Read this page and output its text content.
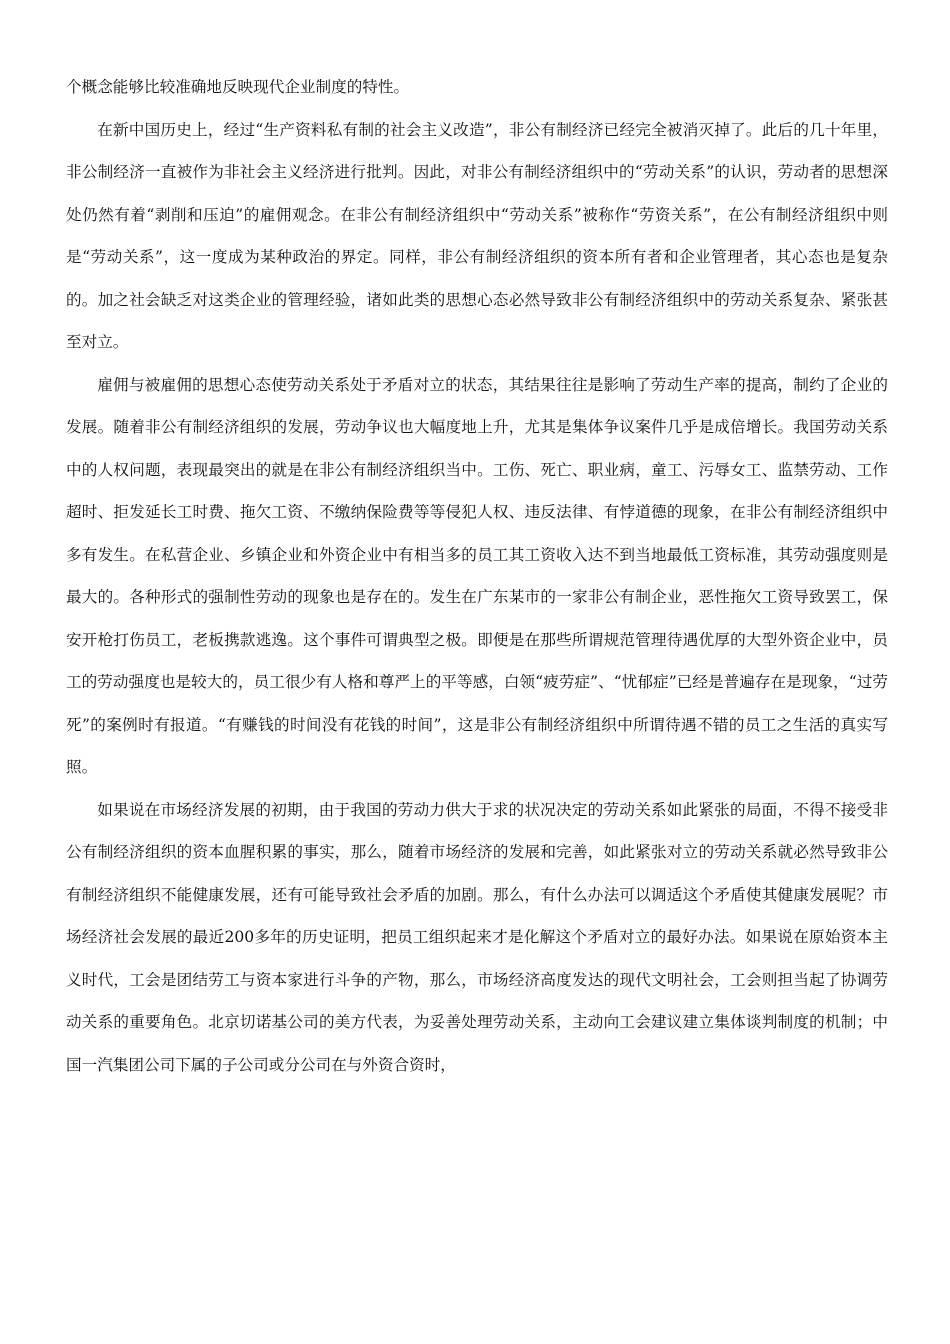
个概念能够比较准确地反映现代企业制度的特性。

在新中国历史上，经过“生产资料私有制的社会主义改造”，非公有制经济已经完全被消灭掉了。此后的几十年里，非公制经济一直被作为非社会主义经济进行批判。因此，对非公有制经济组织中的“劳动关系”的认识，劳动者的思想深处仍然有着“剥削和压迫”的雇佣观念。在非公有制经济组织中“劳动关系”被称作“劳资关系”，在公有制经济组织中则是“劳动关系”，这一度成为某种政治的界定。同样，非公有制经济组织的资本所有者和企业管理者，其心态也是复杂的。加之社会缺乏对这类企业的管理经验，诸如此类的思想心态必然导致非公有制经济组织中的劳动关系复杂、紧张甚至对立。

雇佣与被雇佣的思想心态使劳动关系处于矛盾对立的状态，其结果往往是影响了劳动生产率的提高，制约了企业的发展。随着非公有制经济组织的发展，劳动争议也大幅度地上升，尤其是集体争议案件几乎是成倍增长。我国劳动关系中的人权问题，表现最突出的就是在非公有制经济组织当中。工伤、死亡、职业病，童工、污辱女工、监禁劳动、工作超时、拒发延长工时费、拖欠工资、不缴纳保险费等等侵犯人权、违反法律、有悖道德的现象，在非公有制经济组织中多有发生。在私营企业、乡镇企业和外资企业中有相当多的员工其工资收入达不到当地最低工资标准，其劳动强度则是最大的。各种形式的强制性劳动的现象也是存在的。发生在广东某市的一家非公有制企业，恶性拖欠工资导致罢工，保安开枪打伤员工，老板携款逃逸。这个事件可谓典型之极。即便是在那些所谓规范管理待遇优厚的大型外资企业中，员工的劳动强度也是较大的，员工很少有人格和尊严上的平等感，白领“疲劳症”、“忧郁症”已经是普遍存在是现象，“过劳死”的案例时有报道。“有赚钱的时间没有花钱的时间”，这是非公有制经济组织中所谓待遇不错的员工之生活的真实写照。

如果说在市场经济发展的初期，由于我国的劳动力供大于求的状况决定的劳动关系如此紧张的局面，不得不接受非公有制经济组织的资本血腥积累的事实，那么，随着市场经济的发展和完善，如此紧张对立的劳动关系就必然导致非公有制经济组织不能健康发展，还有可能导致社会矛盾的加剧。那么，有什么办法可以调适这个矛盾使其健康发展呢？市场经济社会发展的最近200多年的历史证明，把员工组织起来才是化解这个矛盾对立的最好办法。如果说在原始资本主义时代，工会是团结劳工与资本家进行斗争的产物，那么，市场经济高度发达的现代文明社会，工会则担当起了协调劳动关系的重要角色。北京切诺基公司的美方代表，为妥善处理劳动关系，主动向工会建议建立集体谈判制度的机制；中国一汽集团公司下属的子公司或分公司在与外资合资时，
